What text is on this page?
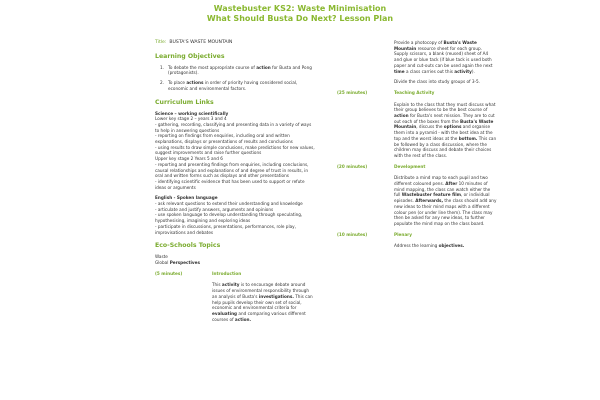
Wastebuster KS2: Waste Minimisation
What Should Busta Do Next? Lesson Plan
Title: BUSTA'S WASTE MOUNTAIN
Learning Objectives
1. To debate the most appropriate course of action for Busta and Pong (protagonists).
2. To place actions in order of priority having considered social, economic and environmental factors.
Curriculum Links
Science – working scientifically
Lower key stage 2 – years 3 and 4
- gathering, recording, classifying and presenting data in a variety of ways to help in answering questions
- reporting on findings from enquiries, including oral and written explanations, displays or presentations of results and conclusions
- using results to draw simple conclusions, make predictions for new values, suggest improvements and raise further questions
Upper key stage 2 Years 5 and 6
- reporting and presenting findings from enquiries, including conclusions, causal relationships and explanations of and degree of trust in results, in oral and written forms such as displays and other presentations
- identifying scientific evidence that has been used to support or refute ideas or arguments
English - Spoken language
- ask relevant questions to extend their understanding and knowledge
- articulate and justify answers, arguments and opinions
- use spoken language to develop understanding through speculating, hypothesising, imagining and exploring ideas
- participate in discussions, presentations, performances, role play, improvisations and debates
Eco-Schools Topics
Waste
Global Perspectives
(5 minutes)	Introduction
This activity is to encourage debate around issues of environmental responsibility through an analysis of Busta's investigations. This can help pupils develop their own set of social, economic and environmental criteria for evaluating and comparing various different courses of action.
Provide a photocopy of Busta's Waste Mountain resource sheet for each group. Supply scissors, a blank (reused) sheet of A4 and glue or blue tack (if blue tack is used both paper and cut-outs can be used again the next time a class carries out this activity).
Divide the class into study groups of 3-5.
(25 minutes)	Teaching Activity
Explain to the class that they must discuss what their group believes to be the best course of action for Busta's next mission. They are to cut out each of the boxes from the Busta's Waste Mountain, discuss the options and organise them into a pyramid - with the best idea at the top and the worst ideas at the bottom. This can be followed by a class discussion, where the children may discuss and debate their choices with the rest of the class.
(20 minutes)	Development
Distribute a mind map to each pupil and two different coloured pens. After 10 minutes of mind mapping, the class can watch either the full Wastebuster feature film, or individual episodes. Afterwards, the class should add any new ideas to their mind maps with a different colour pen (or under line them). The class may then be asked for any new ideas, to further populate the mind map on the class board.
(10 minutes)	Plenary
Address the learning objectives.
